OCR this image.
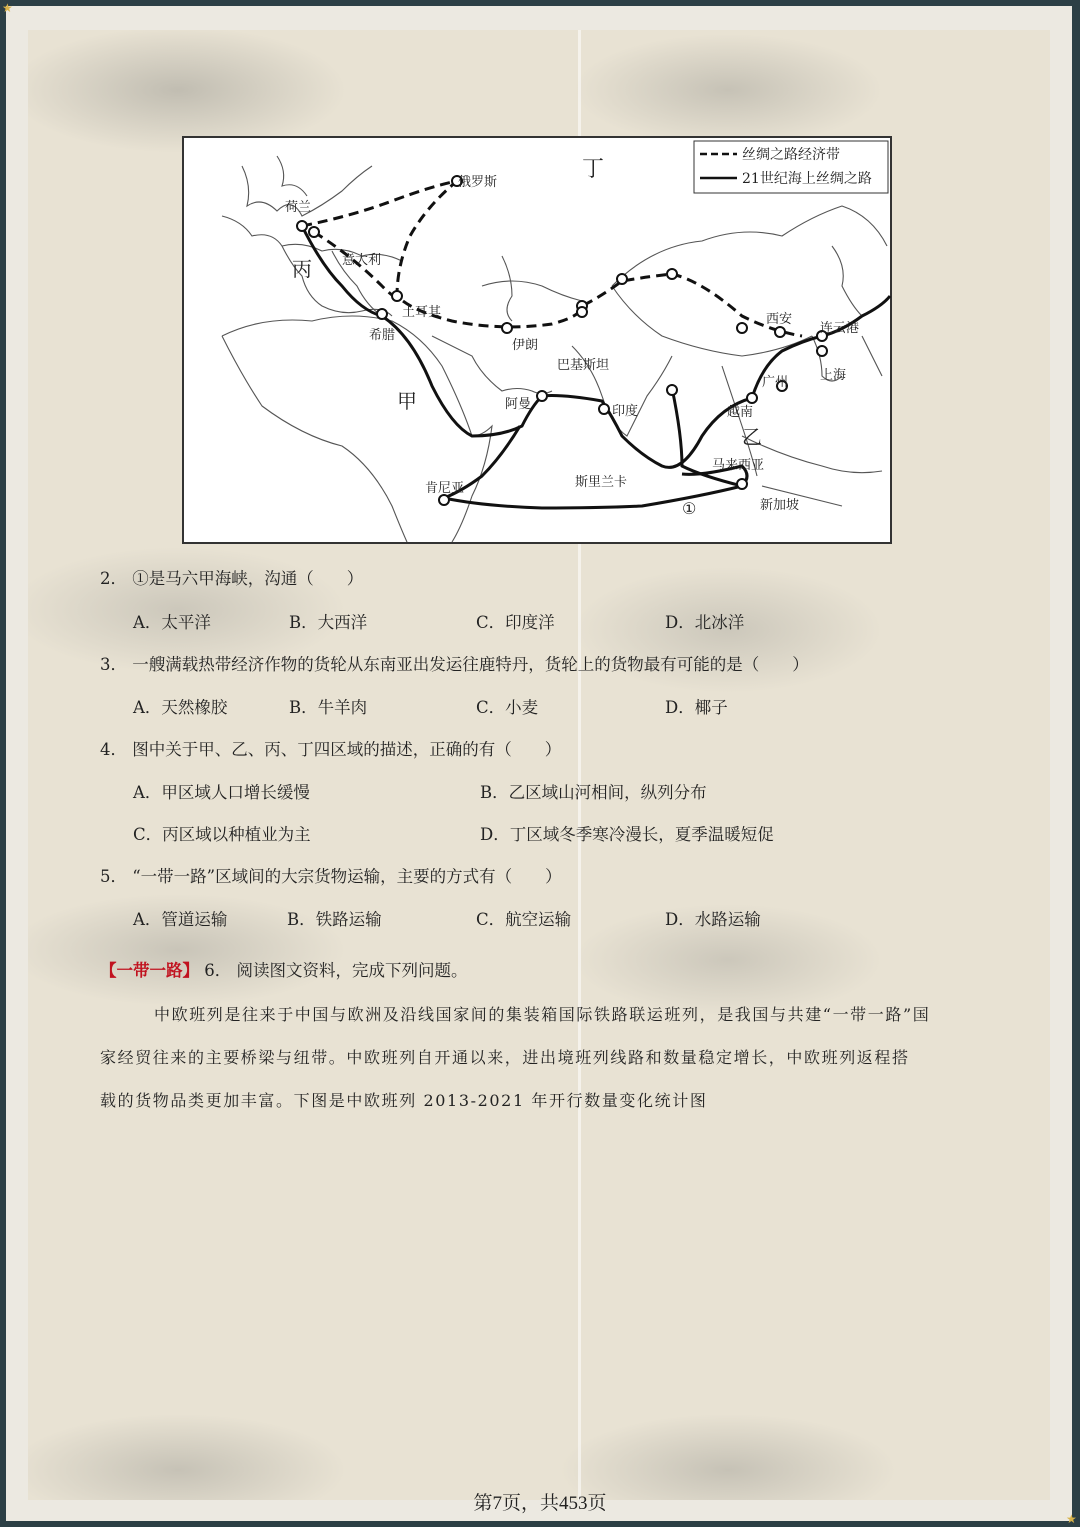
★
★
丝绸之路经济带
21世纪海上丝绸之路
丁
丙
甲
乙
荷兰
俄罗斯
意大利
土耳其
希腊
伊朗
巴基斯坦
阿曼
肯尼亚
印度
斯里兰卡
马来西亚
新加坡
越南
广州 上海
连云港
西安
①
2． ①是马六甲海峡，沟通（　　）
A．太平洋	B．大西洋	C．印度洋	D．北冰洋
3． 一艘满载热带经济作物的货轮从东南亚出发运往鹿特丹，货轮上的货物最有可能的是（　　）
A．天然橡胶	B．牛羊肉	C．小麦	D．椰子
4． 图中关于甲、乙、丙、丁四区域的描述，正确的有（　　）
A．甲区域人口增长缓慢	B．乙区域山河相间，纵列分布
C．丙区域以种植业为主	D．丁区域冬季寒冷漫长，夏季温暖短促
5． “一带一路”区域间的大宗货物运输，主要的方式有（　　）
A．管道运输	B．铁路运输	C．航空运输	D．水路运输
【一带一路】 6． 阅读图文资料，完成下列问题。
中欧班列是往来于中国与欧洲及沿线国家间的集装箱国际铁路联运班列，是我国与共建“一带一路”国
家经贸往来的主要桥梁与纽带。中欧班列自开通以来，进出境班列线路和数量稳定增长，中欧班列返程搭
载的货物品类更加丰富。下图是中欧班列 2013-2021 年开行数量变化统计图
第7页，共453页
